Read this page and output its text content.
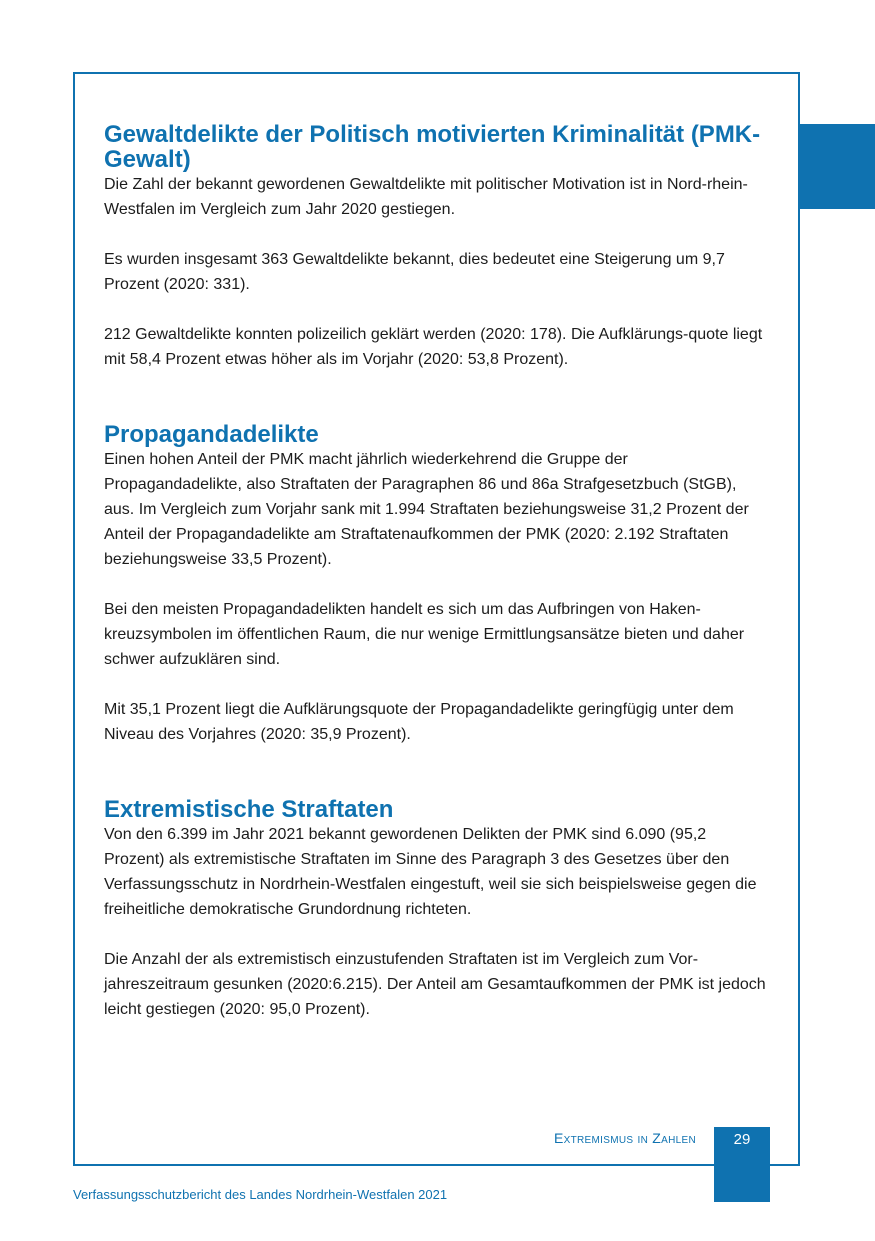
Gewaltdelikte der Politisch motivierten Kriminalität (PMK-Gewalt)

Die Zahl der bekannt gewordenen Gewaltdelikte mit politischer Motivation ist in Nord-rhein-Westfalen im Vergleich zum Jahr 2020 gestiegen.

Es wurden insgesamt 363 Gewaltdelikte bekannt, dies bedeutet eine Steigerung um 9,7 Prozent (2020: 331).

212 Gewaltdelikte konnten polizeilich geklärt werden (2020: 178). Die Aufklärungs-quote liegt mit 58,4 Prozent etwas höher als im Vorjahr (2020: 53,8 Prozent).

Propagandadelikte

Einen hohen Anteil der PMK macht jährlich wiederkehrend die Gruppe der Propagandadelikte, also Straftaten der Paragraphen 86 und 86a Strafgesetzbuch (StGB), aus. Im Vergleich zum Vorjahr sank mit 1.994 Straftaten beziehungsweise 31,2 Prozent der Anteil der Propagandadelikte am Straftatenaufkommen der PMK (2020: 2.192 Straftaten beziehungsweise 33,5 Prozent).

Bei den meisten Propagandadelikten handelt es sich um das Aufbringen von Haken-kreuzsymbolen im öffentlichen Raum, die nur wenige Ermittlungsansätze bieten und daher schwer aufzuklären sind.

Mit 35,1 Prozent liegt die Aufklärungsquote der Propagandadelikte geringfügig unter dem Niveau des Vorjahres (2020: 35,9 Prozent).

Extremistische Straftaten

Von den 6.399 im Jahr 2021 bekannt gewordenen Delikten der PMK sind 6.090 (95,2 Prozent) als extremistische Straftaten im Sinne des Paragraph 3 des Gesetzes über den Verfassungsschutz in Nordrhein-Westfalen eingestuft, weil sie sich beispielsweise gegen die freiheitliche demokratische Grundordnung richteten.

Die Anzahl der als extremistisch einzustufenden Straftaten ist im Vergleich zum Vor-jahreszeitraum gesunken (2020:6.215). Der Anteil am Gesamtaufkommen der PMK ist jedoch leicht gestiegen (2020: 95,0 Prozent).

Extremismus in Zahlen	29
Verfassungsschutzbericht des Landes Nordrhein-Westfalen 2021
